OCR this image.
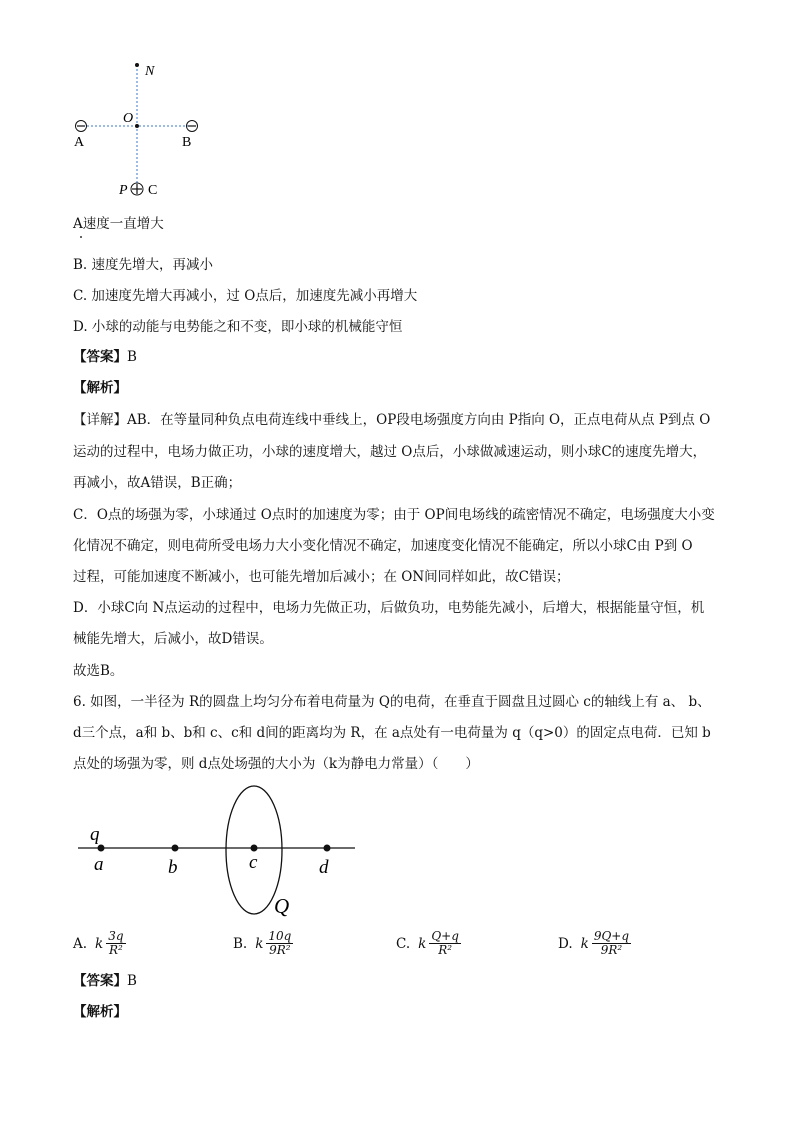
N
O
A	B
P C
A速度一直增大
B. 速度先增大，再减小
C. 加速度先增大再减小，过 O点后，加速度先减小再增大
D. 小球的动能与电势能之和不变，即小球的机械能守恒
【答案】B
【解析】
【详解】AB．在等量同种负点电荷连线中垂线上，OP段电场强度方向由 P指向 O，正点电荷从点 P到点 O
运动的过程中，电场力做正功，小球的速度增大，越过 O点后，小球做减速运动，则小球C的速度先增大，
再减小，故A错误，B正确；
C．O点的场强为零，小球通过 O点时的加速度为零；由于 OP间电场线的疏密情况不确定，电场强度大小变
化情况不确定，则电荷所受电场力大小变化情况不确定，加速度变化情况不能确定，所以小球C由 P到 O
过程，可能加速度不断减小，也可能先增加后减小；在 ON间同样如此，故C错误；
D．小球C向 N点运动的过程中，电场力先做正功，后做负功，电势能先减小，后增大，根据能量守恒，机
械能先增大，后减小，故D错误。
故选B。
6. 如图，一半径为 R的圆盘上均匀分布着电荷量为 Q的电荷，在垂直于圆盘且过圆心 c的轴线上有 a、 b、
d三个点，a和 b、b和 c、c和 d间的距离均为 R，在 a点处有一电荷量为 q（q>0）的固定点电荷．已知 b
点处的场强为零，则 d点处场强的大小为（k为静电力常量）（　　）
q
a	b	c	d
Q
A. k $\frac{3q}{\text{R²}}$	B. k $\frac{10q}{\text{9R²}}$	C. k $\frac{Q+q}{\text{R²}}$	D. k $\frac{9Q+q}{\text{9R²}}$
【答案】B
【解析】
